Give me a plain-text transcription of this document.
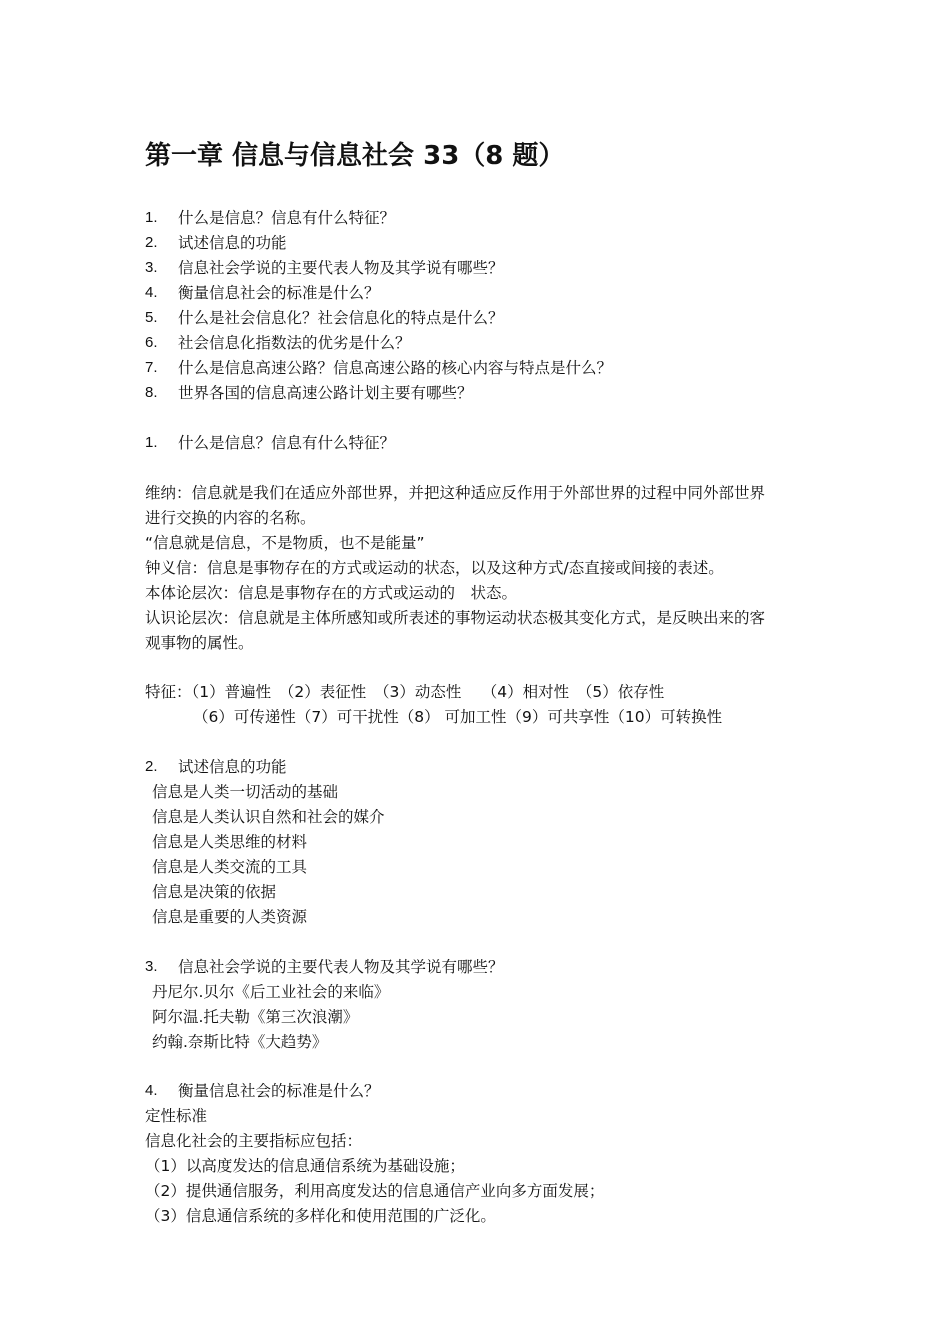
第一章 信息与信息社会 33（8 题）
1.	什么是信息？信息有什么特征？
2.	试述信息的功能
3.	信息社会学说的主要代表人物及其学说有哪些？
4.	衡量信息社会的标准是什么？
5.	什么是社会信息化？社会信息化的特点是什么？
6.	社会信息化指数法的优劣是什么？
7.	什么是信息高速公路？信息高速公路的核心内容与特点是什么？
8.	世界各国的信息高速公路计划主要有哪些？
1.	什么是信息？信息有什么特征？
维纳：信息就是我们在适应外部世界，并把这种适应反作用于外部世界的过程中同外部世界
进行交换的内容的名称。
“信息就是信息，不是物质，也不是能量”
钟义信：信息是事物存在的方式或运动的状态，以及这种方式/态直接或间接的表述。
本体论层次：信息是事物存在的方式或运动的　状态。
认识论层次：信息就是主体所感知或所表述的事物运动状态极其变化方式，是反映出来的客
观事物的属性。
特征：（1）普遍性　（2）表征性　（3）动态性　 （4）相对性　（5）依存性
（6）可传递性（7）可干扰性（8） 可加工性（9）可共享性（10）可转换性
2.	试述信息的功能
信息是人类一切活动的基础
信息是人类认识自然和社会的媒介
信息是人类思维的材料
信息是人类交流的工具
信息是决策的依据
信息是重要的人类资源
3.	信息社会学说的主要代表人物及其学说有哪些？
丹尼尔.贝尔《后工业社会的来临》
阿尔温.托夫勒《第三次浪潮》
约翰.奈斯比特《大趋势》
4.	衡量信息社会的标准是什么？
定性标准
信息化社会的主要指标应包括：
（1）以高度发达的信息通信系统为基础设施；
（2）提供通信服务，利用高度发达的信息通信产业向多方面发展；
（3）信息通信系统的多样化和使用范围的广泛化。
